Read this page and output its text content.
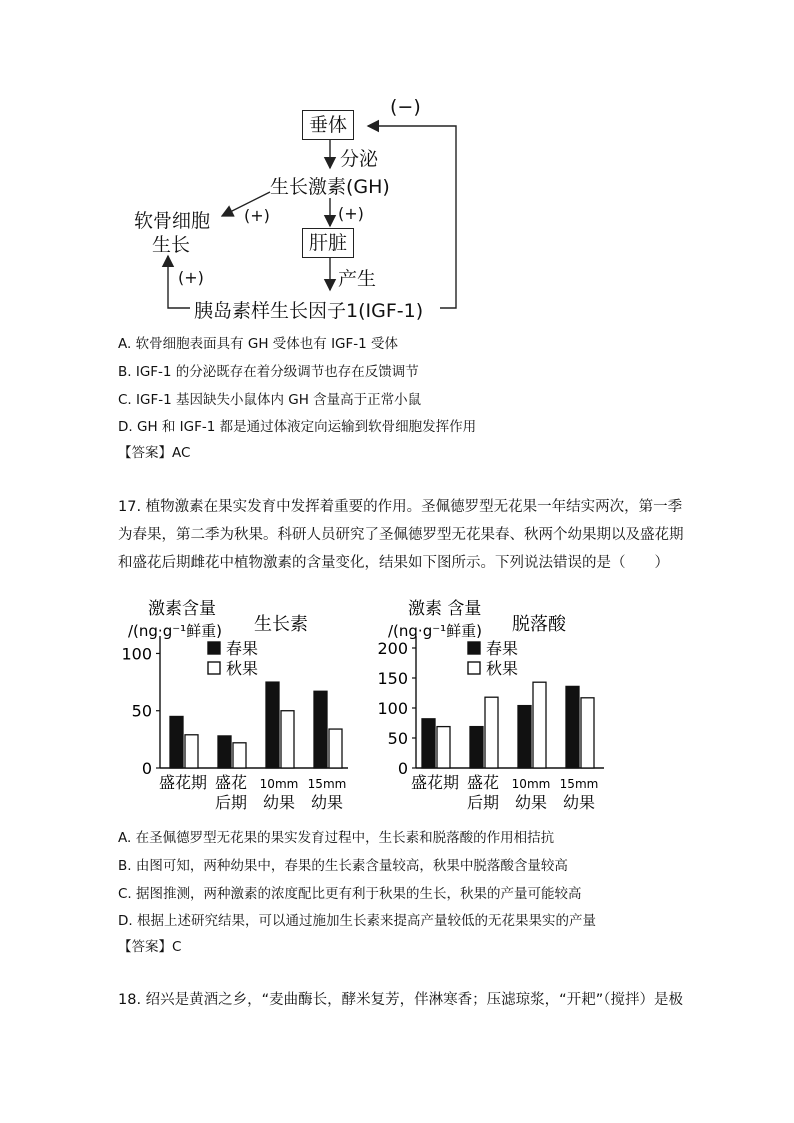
垂体
(−)
分泌
生长激素(GH)
(+)
肝脏
产生
软骨细胞
生长
(+)
(+)
胰岛素样生长因子1(IGF-1)
A. 软骨细胞表面具有 GH 受体也有 IGF-1 受体
B. IGF-1 的分泌既存在着分级调节也存在反馈调节
C. IGF-1 基因缺失小鼠体内 GH 含量高于正常小鼠
D. GH 和 IGF-1 都是通过体液定向运输到软骨细胞发挥作用
【答案】AC
17. 植物激素在果实发育中发挥着重要的作用。圣佩德罗型无花果一年结实两次，第一季
为春果，第二季为秋果。科研人员研究了圣佩德罗型无花果春、秋两个幼果期以及盛花期
和盛花后期雌花中植物激素的含量变化，结果如下图所示。下列说法错误的是（　　）
激素含量
/(ng·g⁻¹鲜重) 生长素
春果
秋果
0
50
100
盛花期 盛花
后期
10mm
幼果
15mm
幼果
激素 含量
/(ng·g⁻¹鲜重) 脱落酸
春果
秋果
0
50
100
150
200
盛花期 盛花
后期
10mm
幼果
15mm
幼果
A. 在圣佩德罗型无花果的果实发育过程中，生长素和脱落酸的作用相拮抗
B. 由图可知，两种幼果中，春果的生长素含量较高，秋果中脱落酸含量较高
C. 据图推测，两种激素的浓度配比更有利于秋果的生长，秋果的产量可能较高
D. 根据上述研究结果，可以通过施加生长素来提高产量较低的无花果果实的产量
【答案】C
18. 绍兴是黄酒之乡，“麦曲酶长，酵米复芳，伴淋寒香；压滤琼浆，“开耙”（搅拌）是极
